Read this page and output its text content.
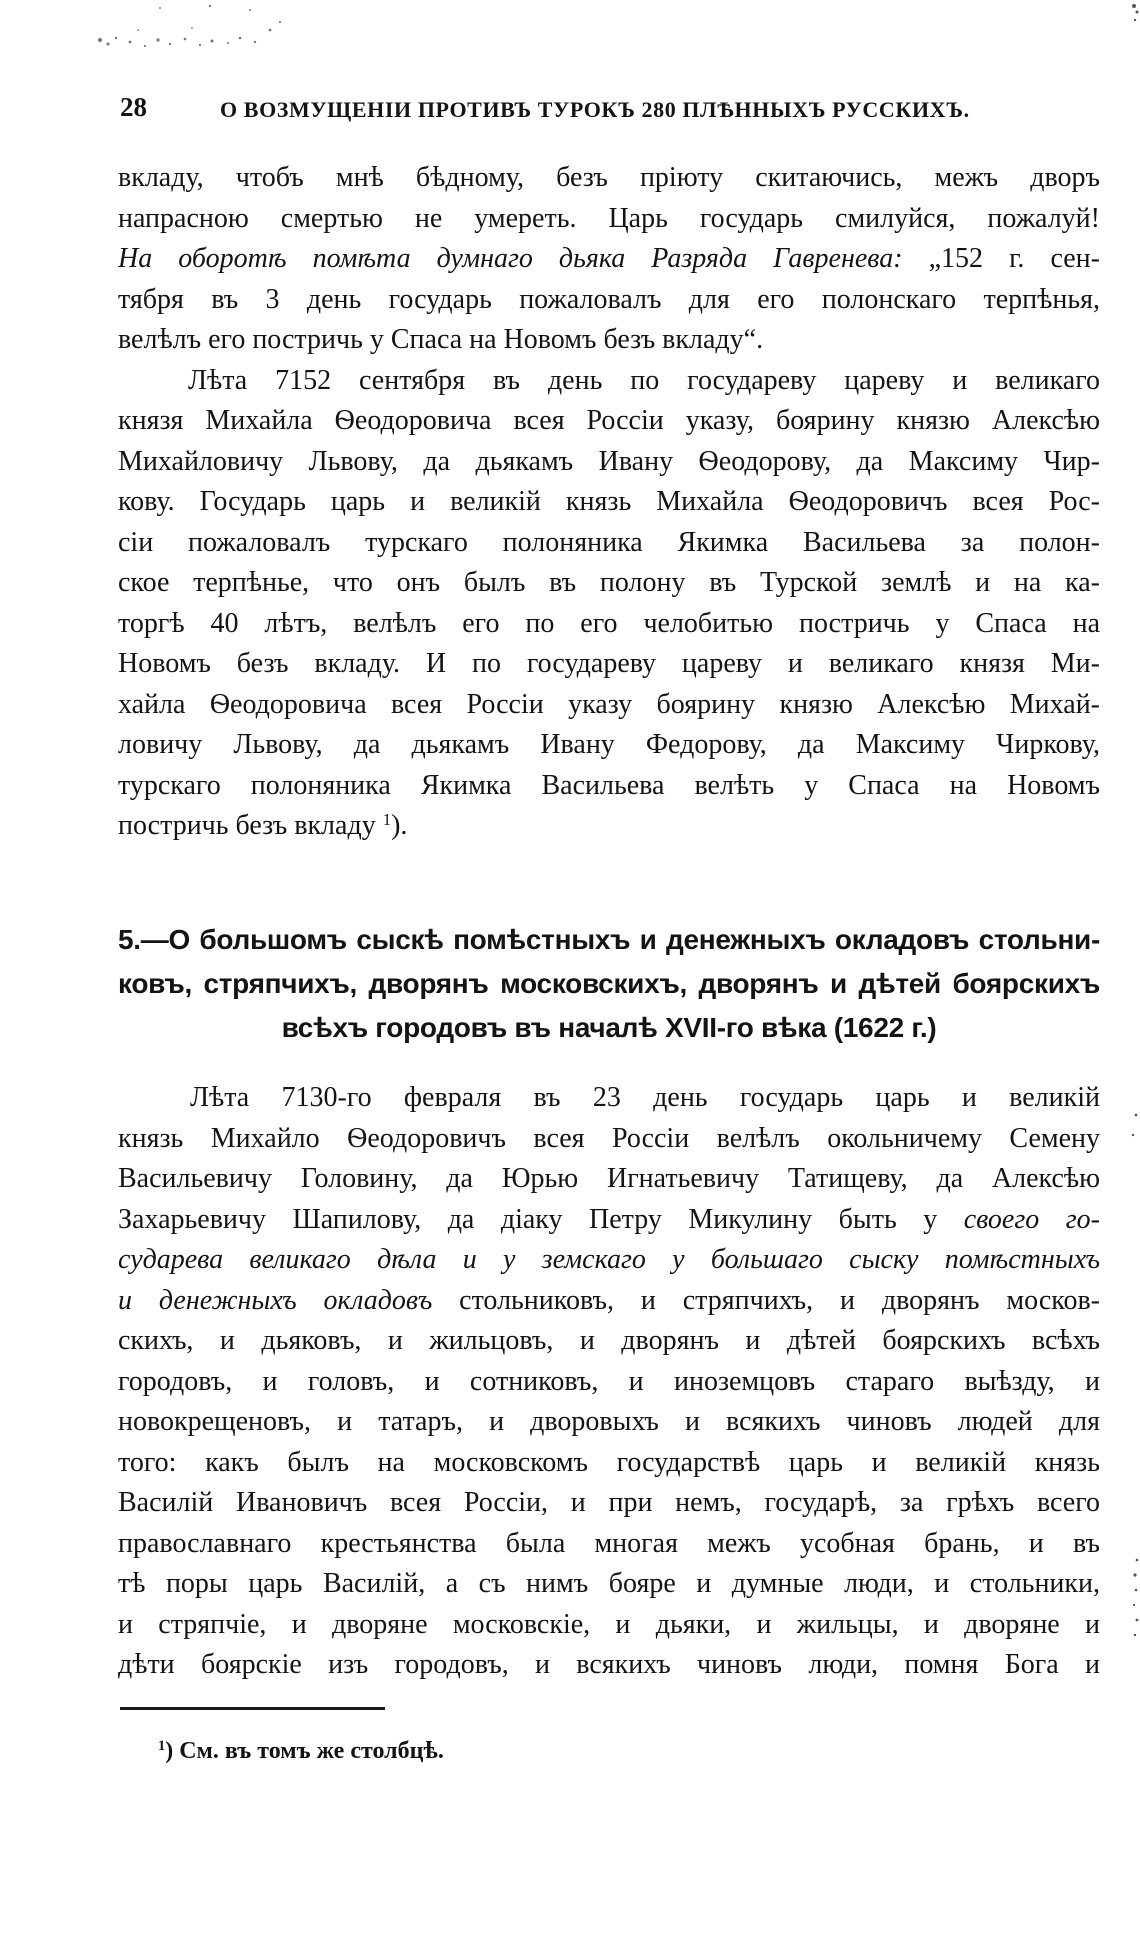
28	О ВОЗМУЩЕНІИ ПРОТИВЪ ТУРОКЪ 280 ПЛѢННЫХЪ РУССКИХЪ.
вкладу, чтобъ мнѣ бѣдному, безъ прiюту скитаючись, межъ дворъ
напрасною смертью не умереть. Царь государь смилуйся, пожалуй!
На оборотѣ помѣта думнаго дьяка Разряда Гавренева: „152 г. сен-
тября въ 3 день государь пожаловалъ для его полонскаго терпѣнья,
велѣлъ его постричь у Спаса на Новомъ безъ вкладу“.
Лѣта 7152 сентября въ день по государеву цареву и великаго
князя Михайла Ѳеодоровича всея Россiи указу, боярину князю Алексѣю
Михайловичу Львову, да дьякамъ Ивану Ѳеодорову, да Максиму Чир-
кову. Государь царь и великiй князь Михайла Ѳеодоровичъ всея Рос-
сiи пожаловалъ турскаго полоняника Якимка Васильева за полон-
ское терпѣнье, что онъ былъ въ полону въ Турской землѣ и на ка-
торгѣ 40 лѣтъ, велѣлъ его по его челобитью постричь у Спаса на
Новомъ безъ вкладу. И по государеву цареву и великаго князя Ми-
хайла Ѳеодоровича всея Россiи указу боярину князю Алексѣю Михай-
ловичу Львову, да дьякамъ Ивану Федорову, да Максиму Чиркову,
турскаго полоняника Якимка Васильева велѣть у Спаса на Новомъ
постричь безъ вкладу $^1$).
5.—О большомъ сыскѣ помѣстныхъ и денежныхъ окладовъ стольни-
ковъ, стряпчихъ, дворянъ московскихъ, дворянъ и дѣтей боярскихъ
всѣхъ городовъ въ началѣ XVII-го вѣка (1622 г.)
Лѣта 7130-го февраля въ 23 день государь царь и великiй
князь Михайло Ѳеодоровичъ всея Россiи велѣлъ окольничему Семену
Васильевичу Головину, да Юрью Игнатьевичу Татищеву, да Алексѣю
Захарьевичу Шапилову, да дiаку Петру Микулину быть у своего го-
сударева великаго дѣла и у земскаго у большаго сыску помѣстныхъ
и денежныхъ окладовъ стольниковъ, и стряпчихъ, и дворянъ москов-
скихъ, и дьяковъ, и жильцовъ, и дворянъ и дѣтей боярскихъ всѣхъ
городовъ, и головъ, и сотниковъ, и иноземцовъ стараго выѣзду, и
новокрещеновъ, и татаръ, и дворовыхъ и всякихъ чиновъ людей для
того: какъ былъ на московскомъ государствѣ царь и великiй князь
Василiй Ивановичъ всея Россiи, и при немъ, государѣ, за грѣхъ всего
православнаго крестьянства была многая межъ усобная брань, и въ
тѣ поры царь Василiй, а съ нимъ бояре и думные люди, и стольники,
и стряпчiе, и дворяне московскiе, и дьяки, и жильцы, и дворяне и
дѣти боярскiе изъ городовъ, и всякихъ чиновъ люди, помня Бога и
$^1$) См. въ томъ же столбцѣ.
